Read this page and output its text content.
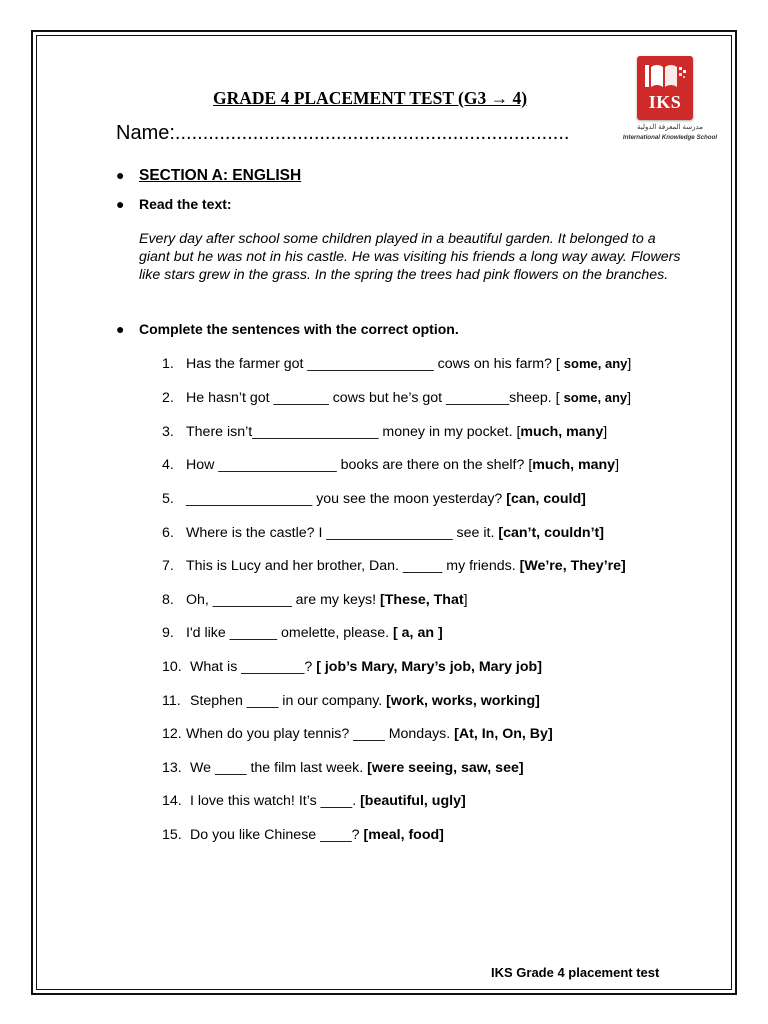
GRADE 4 PLACEMENT TEST (G3 → 4)
Name:.......................................................................
IKS
مدرسة المعرفة الدولية
International Knowledge School
● SECTION A: ENGLISH
● Read the text:
Every day after school some children played in a beautiful garden. It belonged to a giant but he was not in his castle. He was visiting his friends a long way away. Flowers like stars grew in the grass. In the spring the trees had pink flowers on the branches.
● Complete the sentences with the correct option.
1. Has the farmer got ________________ cows on his farm? [ some, any]
2. He hasn’t got _______ cows but he’s got ________sheep. [ some, any]
3. There isn’t________________ money in my pocket. [much, many]
4. How _______________ books are there on the shelf? [much, many]
5. ________________ you see the moon yesterday? [can, could]
6. Where is the castle? I ________________ see it. [can’t, couldn’t]
7. This is Lucy and her brother, Dan. _____ my friends. [We’re, They’re]
8. Oh, __________ are my keys! [These, That]
9. I'd like ______ omelette, please. [ a, an ]
10. What is ________? [ job’s Mary, Mary’s job, Mary job]
11. Stephen ____ in our company. [work, works, working]
12. When do you play tennis? ____ Mondays. [At, In, On, By]
13. We ____ the film last week. [were seeing, saw, see]
14. I love this watch! It’s ____. [beautiful, ugly]
15. Do you like Chinese ____? [meal, food]
IKS Grade 4 placement test
